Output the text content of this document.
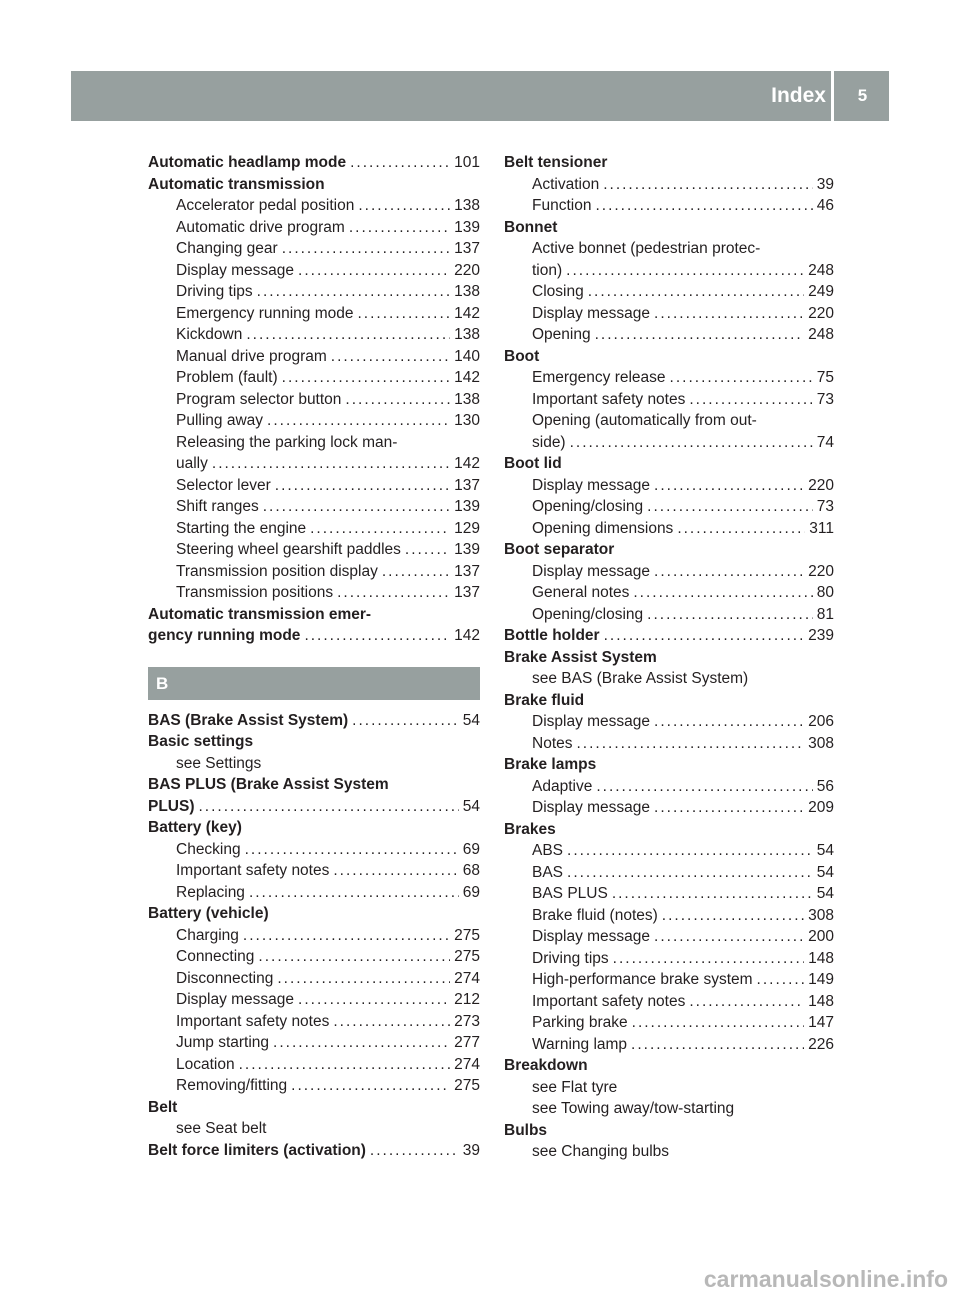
Index	5
Automatic headlamp mode .....	101
Automatic transmission
Accelerator pedal position .....	138
Automatic drive program .....	139
Changing gear .....	137
Display message .....	220
Driving tips .....	138
Emergency running mode .....	142
Kickdown .....	138
Manual drive program .....	140
Problem (fault) .....	142
Program selector button .....	138
Pulling away .....	130
Releasing the parking lock man-
ually .....	142
Selector lever .....	137
Shift ranges .....	139
Starting the engine .....	129
Steering wheel gearshift paddles .....	139
Transmission position display .....	137
Transmission positions .....	137
Automatic transmission emer-
gency running mode .....	142
B
BAS (Brake Assist System) .....	54
Basic settings
see Settings
BAS PLUS (Brake Assist System
PLUS) .....	54
Battery (key)
Checking .....	69
Important safety notes .....	68
Replacing .....	69
Battery (vehicle)
Charging .....	275
Connecting .....	275
Disconnecting .....	274
Display message .....	212
Important safety notes .....	273
Jump starting .....	277
Location .....	274
Removing/fitting .....	275
Belt
see Seat belt
Belt force limiters (activation) .....	39
Belt tensioner
Activation .....	39
Function .....	46
Bonnet
Active bonnet (pedestrian protec-
tion) .....	248
Closing .....	249
Display message .....	220
Opening .....	248
Boot
Emergency release .....	75
Important safety notes .....	73
Opening (automatically from out-
side) .....	74
Boot lid
Display message .....	220
Opening/closing .....	73
Opening dimensions .....	311
Boot separator
Display message .....	220
General notes .....	80
Opening/closing .....	81
Bottle holder .....	239
Brake Assist System
see BAS (Brake Assist System)
Brake fluid
Display message .....	206
Notes .....	308
Brake lamps
Adaptive .....	56
Display message .....	209
Brakes
ABS .....	54
BAS .....	54
BAS PLUS .....	54
Brake fluid (notes) .....	308
Display message .....	200
Driving tips .....	148
High-performance brake system .....	149
Important safety notes .....	148
Parking brake .....	147
Warning lamp .....	226
Breakdown
see Flat tyre
see Towing away/tow-starting
Bulbs
see Changing bulbs
carmanualsonline.info
